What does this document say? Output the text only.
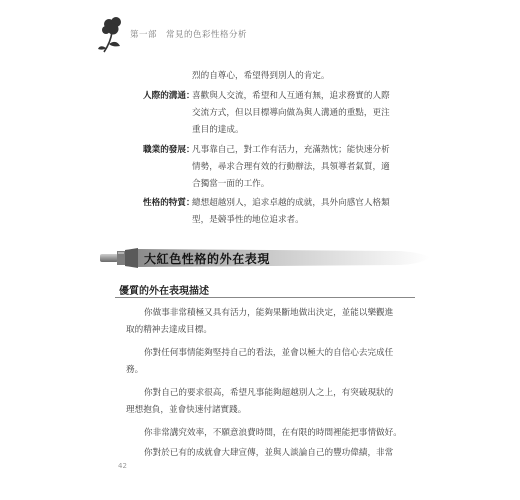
第一部　常見的色彩性格分析
烈的自尊心，希望得到別人的肯定。
人際的溝通：
喜歡與人交流，希望和人互通有無，追求務實的人際
交流方式，但以目標導向做為與人溝通的重點，更注
重目的達成。
職業的發展：
凡事靠自己，對工作有活力，充滿熱忱；能快速分析
情勢，尋求合理有效的行動辦法，具領導者氣質，適
合獨當一面的工作。
性格的特質：
總想超越別人，追求卓越的成就，具外向感官人格類
型，是競爭性的地位追求者。
大紅色性格的外在表現
優質的外在表現描述
你做事非常積極又具有活力，能夠果斷地做出決定，並能以樂觀進
取的精神去達成目標。
你對任何事情能夠堅持自己的看法，並會以極大的自信心去完成任
務。
你對自己的要求很高，希望凡事能夠超越別人之上，有突破現狀的
理想抱負，並會快速付諸實踐。
你非常講究效率，不願意浪費時間，在有限的時間裡能把事情做好。
你對於已有的成就會大肆宣傳，並與人談論自己的豐功偉績，非常
42
